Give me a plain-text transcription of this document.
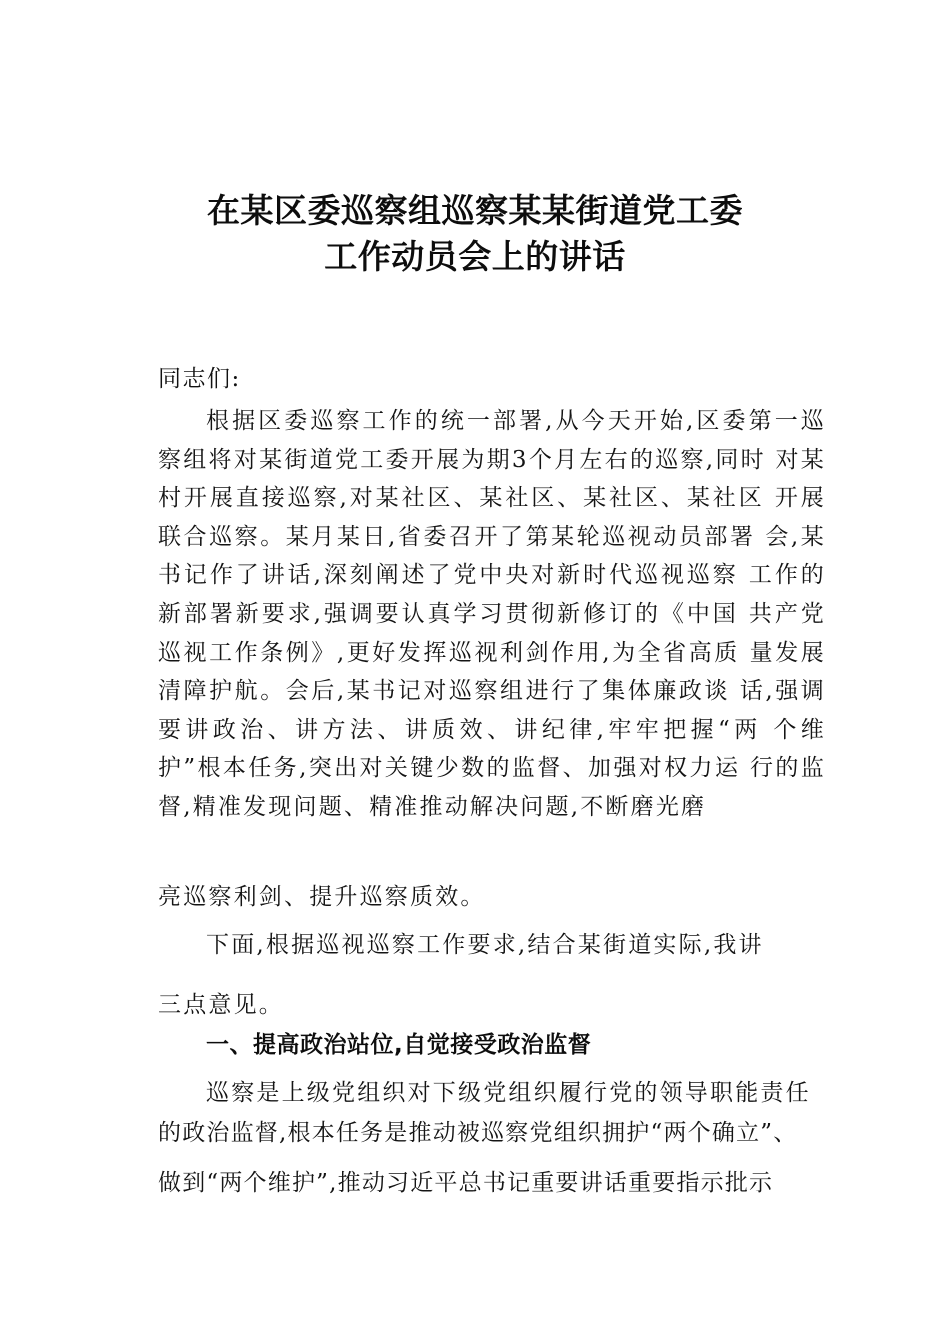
在某区委巡察组巡察某某街道党工委
工作动员会上的讲话
同志们:
根据区委巡察工作的统一部署,从今天开始,区委第一巡察组将对某街道党工委开展为期3个月左右的巡察,同时 对某村开展直接巡察,对某社区、某社区、某社区、某社区 开展联合巡察。某月某日,省委召开了第某轮巡视动员部署 会,某书记作了讲话,深刻阐述了党中央对新时代巡视巡察 工作的新部署新要求,强调要认真学习贯彻新修订的《中国 共产党巡视工作条例》,更好发挥巡视利剑作用,为全省高质 量发展清障护航。会后,某书记对巡察组进行了集体廉政谈 话,强调要讲政治、讲方法、讲质效、讲纪律,牢牢把握“两 个维护”根本任务,突出对关键少数的监督、加强对权力运 行的监督,精准发现问题、精准推动解决问题,不断磨光磨
亮巡察利剑、提升巡察质效。
下面,根据巡视巡察工作要求,结合某街道实际,我讲
三点意见。
一、提高政治站位,自觉接受政治监督
巡察是上级党组织对下级党组织履行党的领导职能责任
的政治监督,根本任务是推动被巡察党组织拥护“两个确立”、
做到“两个维护”,推动习近平总书记重要讲话重要指示批示
